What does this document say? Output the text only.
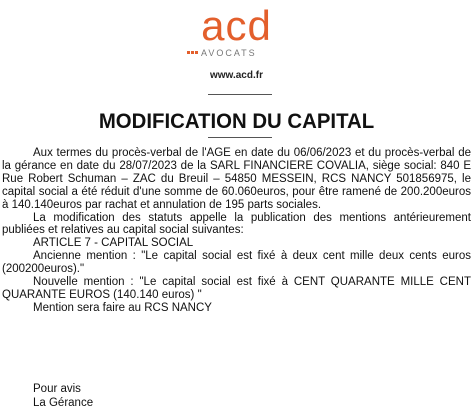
acd
AVOCATS
www.acd.fr
MODIFICATION DU CAPITAL

Aux termes du procès-verbal de l'AGE en date du 06/06/2023 et du procès-verbal de la gérance en date du 28/07/2023 de la SARL FINANCIERE COVALIA, siège social: 840 E Rue Robert Schuman – ZAC du Breuil – 54850 MESSEIN, RCS NANCY 501856975, le capital social a été réduit d'une somme de 60.060euros, pour être ramené de 200.200euros à 140.140euros par rachat et annulation de 195 parts sociales.

La modification des statuts appelle la publication des mentions antérieurement publiées et relatives au capital social suivantes:

ARTICLE 7 - CAPITAL SOCIAL

Ancienne mention : "Le capital social est fixé à deux cent mille deux cents euros (200200euros)."

Nouvelle mention : "Le capital social est fixé à CENT QUARANTE MILLE CENT QUARANTE EUROS (140.140 euros) "

Mention sera faire au RCS NANCY

Pour avis
La Gérance
